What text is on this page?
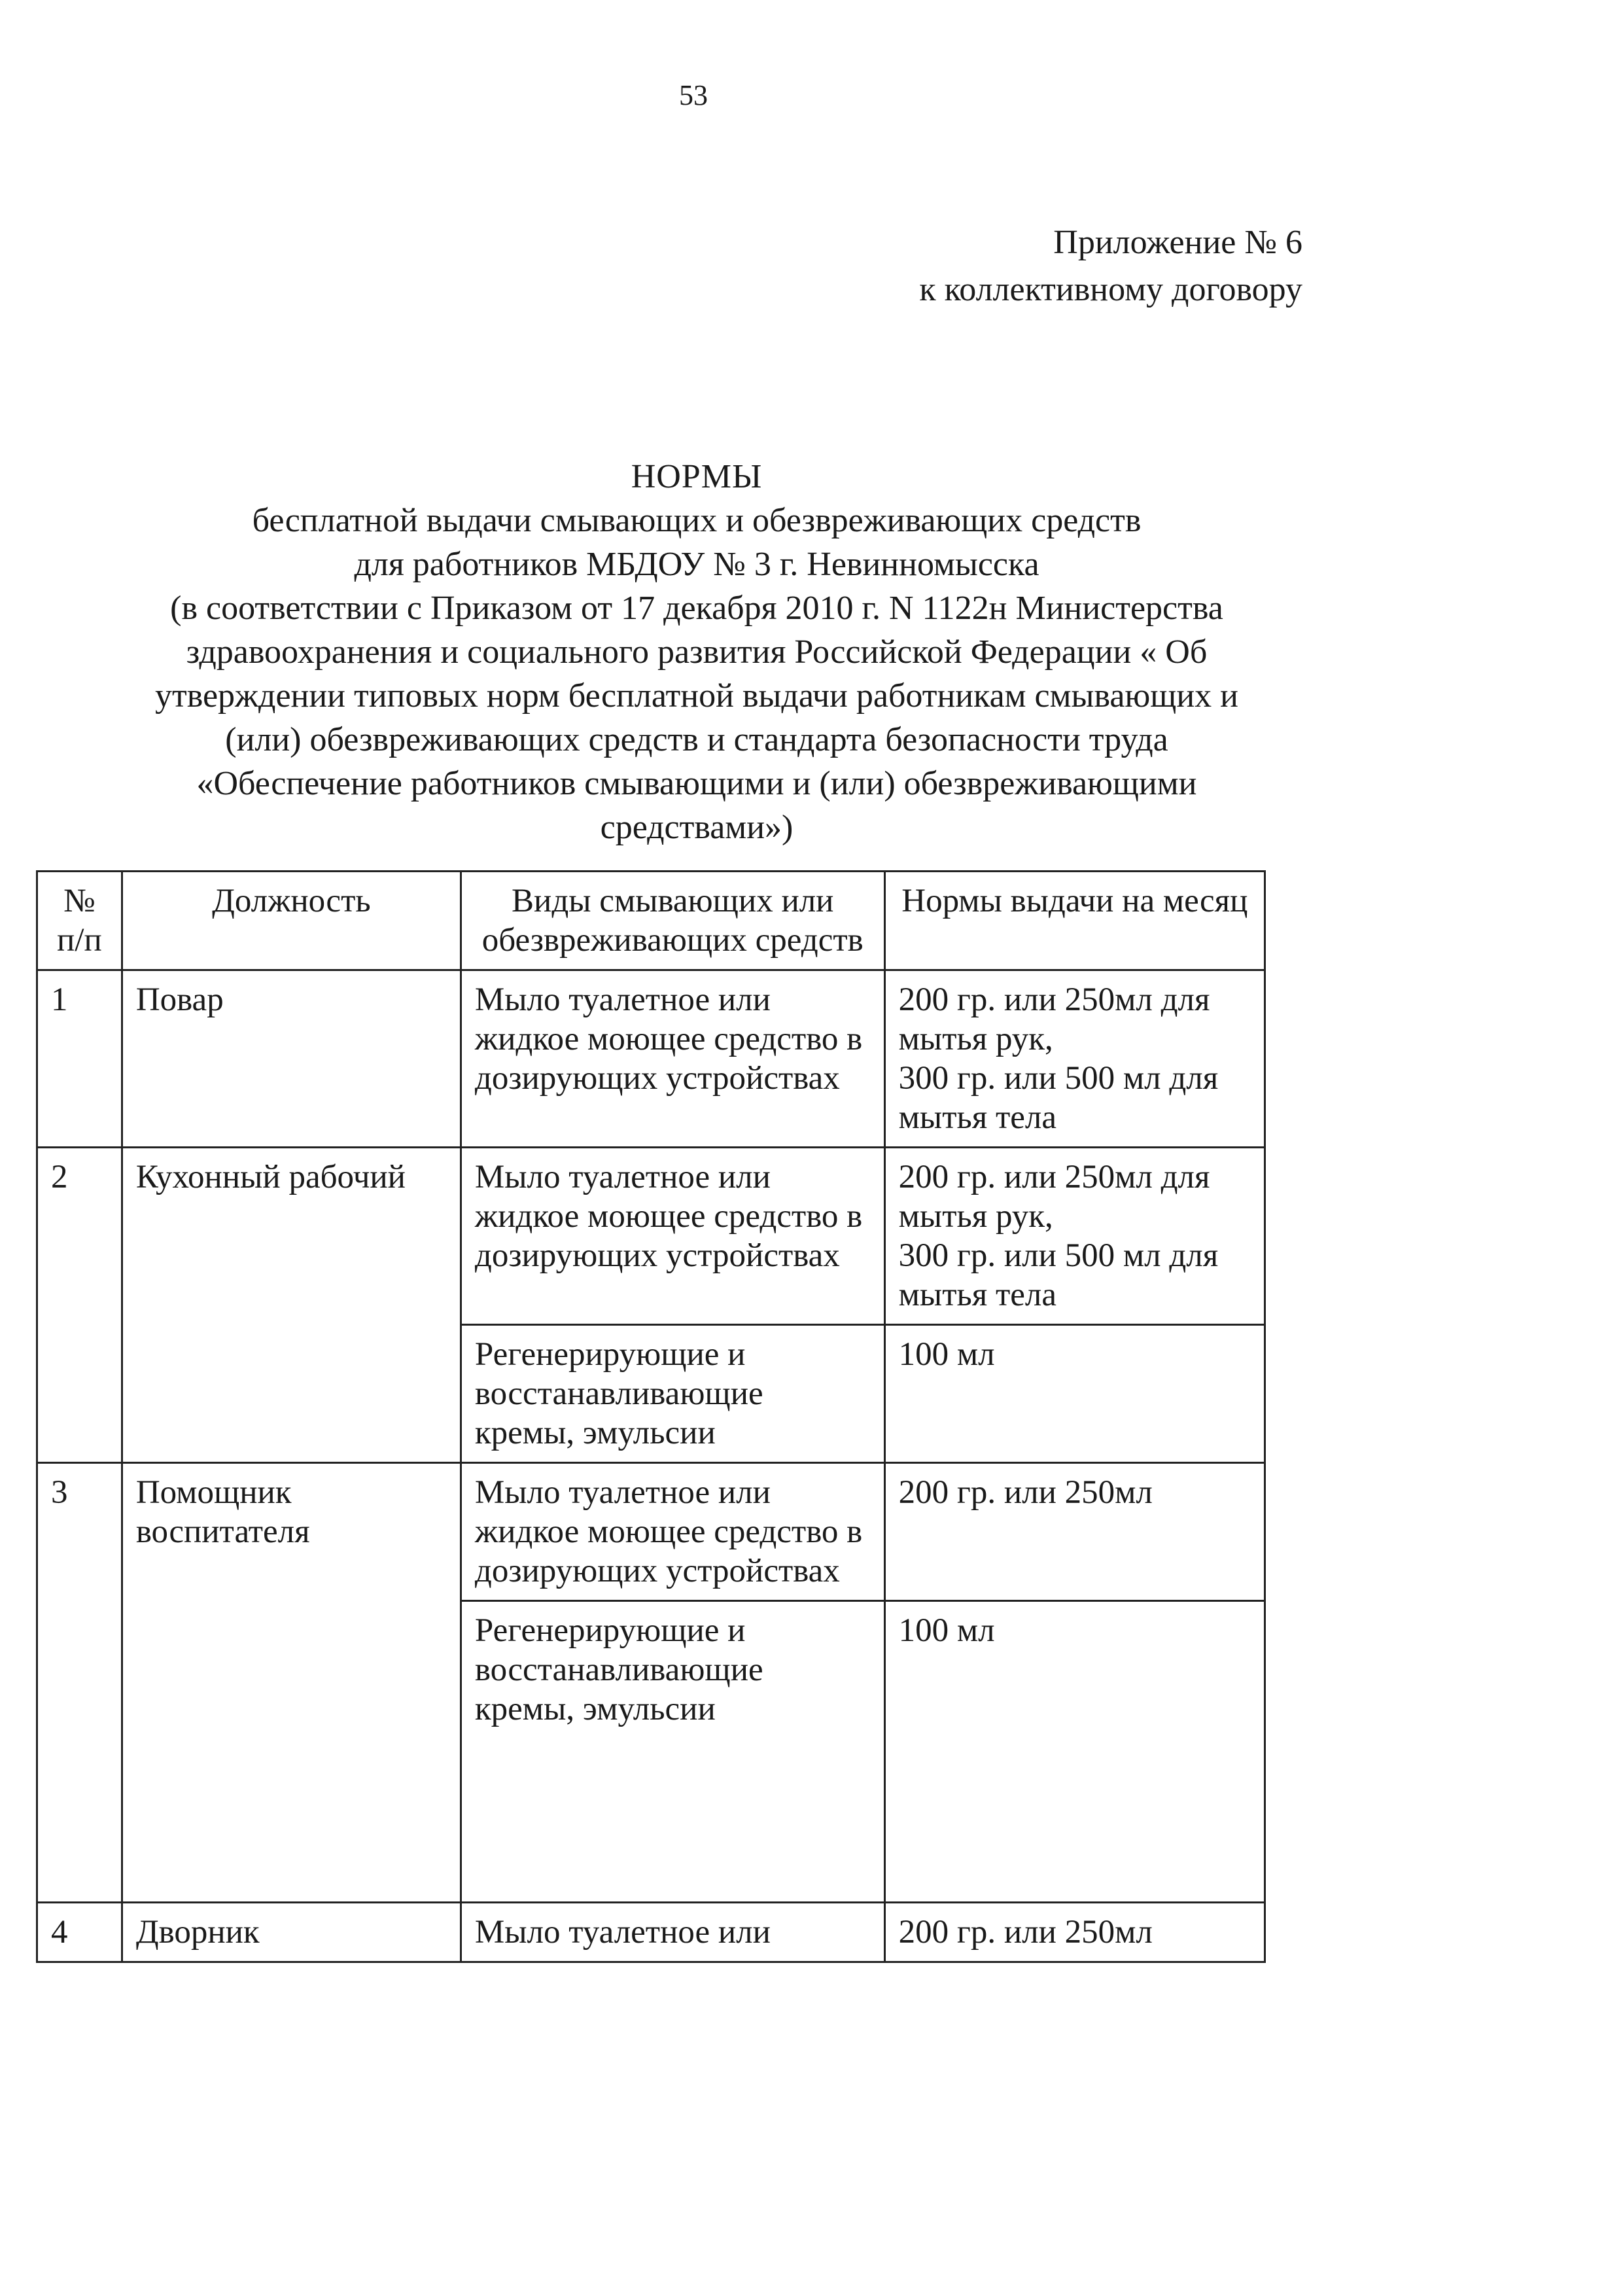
53
Приложение № 6
к коллективному договору
НОРМЫ
бесплатной выдачи смывающих и обезвреживающих средств
для работников МБДОУ № 3 г. Невинномысска
(в соответствии с Приказом от 17 декабря 2010 г. N 1122н Министерства
здравоохранения и социального развития Российской Федерации « Об
утверждении типовых норм бесплатной выдачи работникам смывающих и
(или) обезвреживающих средств и стандарта безопасности труда
«Обеспечение работников смывающими и (или) обезвреживающими
средствами»)
№ п/п	Должность	Виды смывающих или обезвреживающих средств	Нормы выдачи на месяц
1	Повар	Мыло туалетное или жидкое моющее средство в дозирующих устройствах	200 гр. или 250мл для мытья рук,
300 гр. или 500 мл для мытья тела
2	Кухонный рабочий	Мыло туалетное или жидкое моющее средство в дозирующих устройствах	200 гр. или 250мл для мытья рук,
300 гр. или 500 мл для мытья тела
		Регенерирующие и восстанавливающие кремы, эмульсии	100 мл
3	Помощник воспитателя	Мыло туалетное или жидкое моющее средство в дозирующих устройствах	200 гр. или 250мл
		Регенерирующие и восстанавливающие кремы, эмульсии	100 мл
4	Дворник	Мыло туалетное или	200 гр. или 250мл
